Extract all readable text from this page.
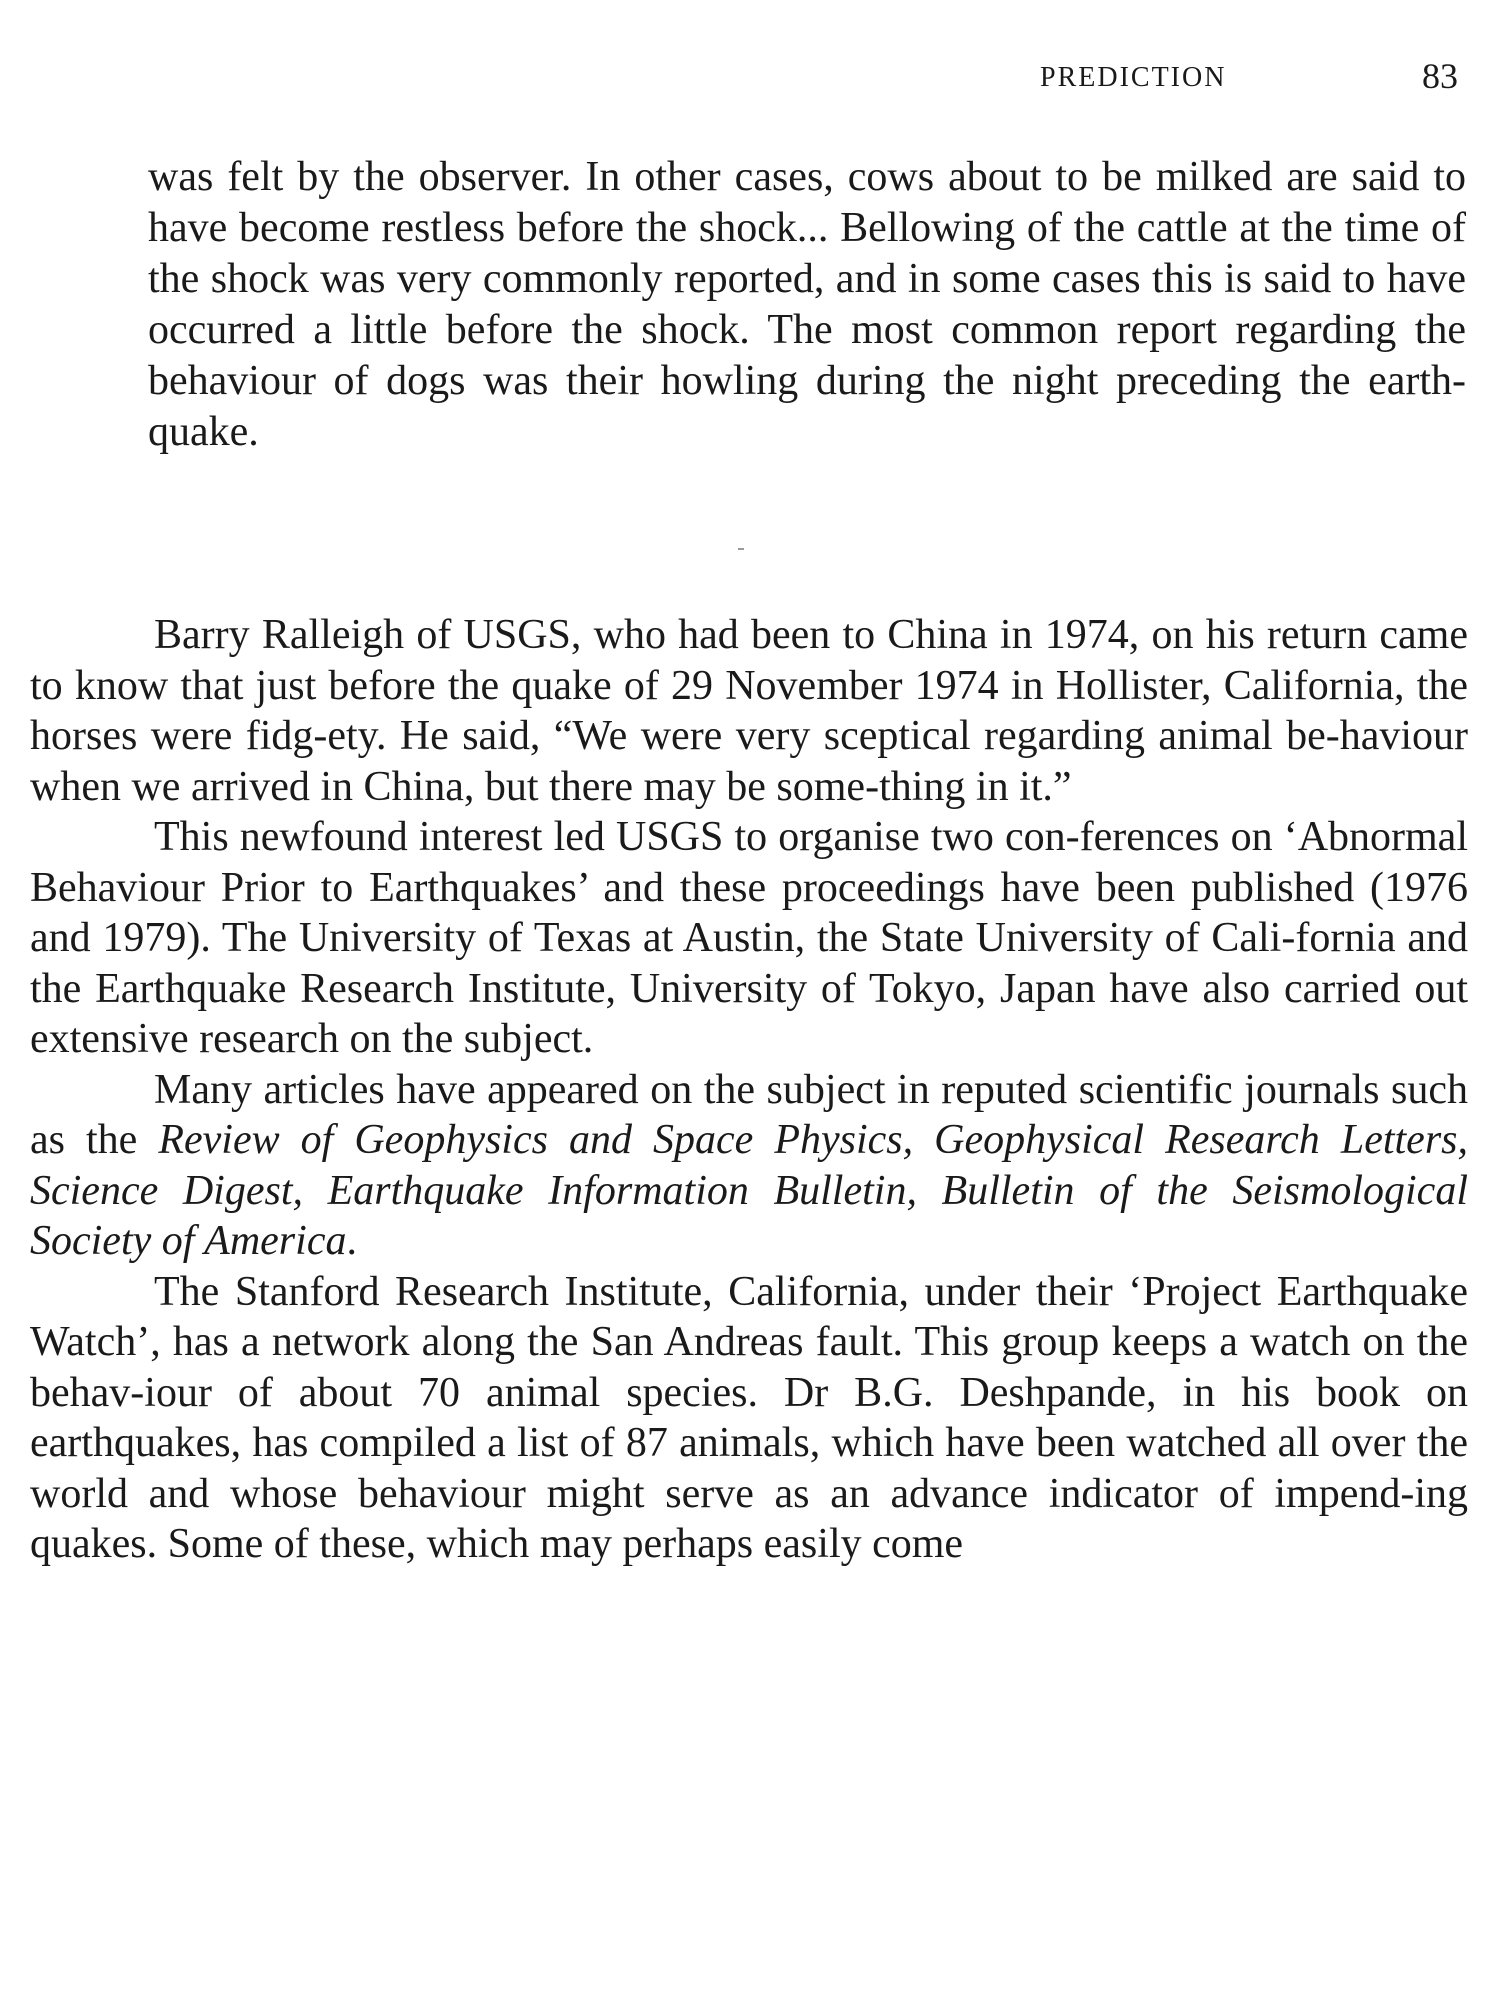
PREDICTION	83
was felt by the observer. In other cases, cows about to be milked are said to have become restless before the shock... Bellowing of the cattle at the time of the shock was very commonly reported, and in some cases this is said to have occurred a little before the shock. The most common report regarding the behaviour of dogs was their howling during the night preceding the earth-quake.

Barry Ralleigh of USGS, who had been to China in 1974, on his return came to know that just before the quake of 29 November 1974 in Hollister, California, the horses were fidg-ety. He said, “We were very sceptical regarding animal be-haviour when we arrived in China, but there may be some-thing in it.”

This newfound interest led USGS to organise two con-ferences on ‘Abnormal Behaviour Prior to Earthquakes’ and these proceedings have been published (1976 and 1979). The University of Texas at Austin, the State University of Cali-fornia and the Earthquake Research Institute, University of Tokyo, Japan have also carried out extensive research on the subject.

Many articles have appeared on the subject in reputed scientific journals such as the Review of Geophysics and Space Physics, Geophysical Research Letters, Science Digest, Earthquake Information Bulletin, Bulletin of the Seismological Society of America.

The Stanford Research Institute, California, under their ‘Project Earthquake Watch’, has a network along the San Andreas fault. This group keeps a watch on the behav-iour of about 70 animal species. Dr B.G. Deshpande, in his book on earthquakes, has compiled a list of 87 animals, which have been watched all over the world and whose behaviour might serve as an advance indicator of impend-ing quakes. Some of these, which may perhaps easily come
